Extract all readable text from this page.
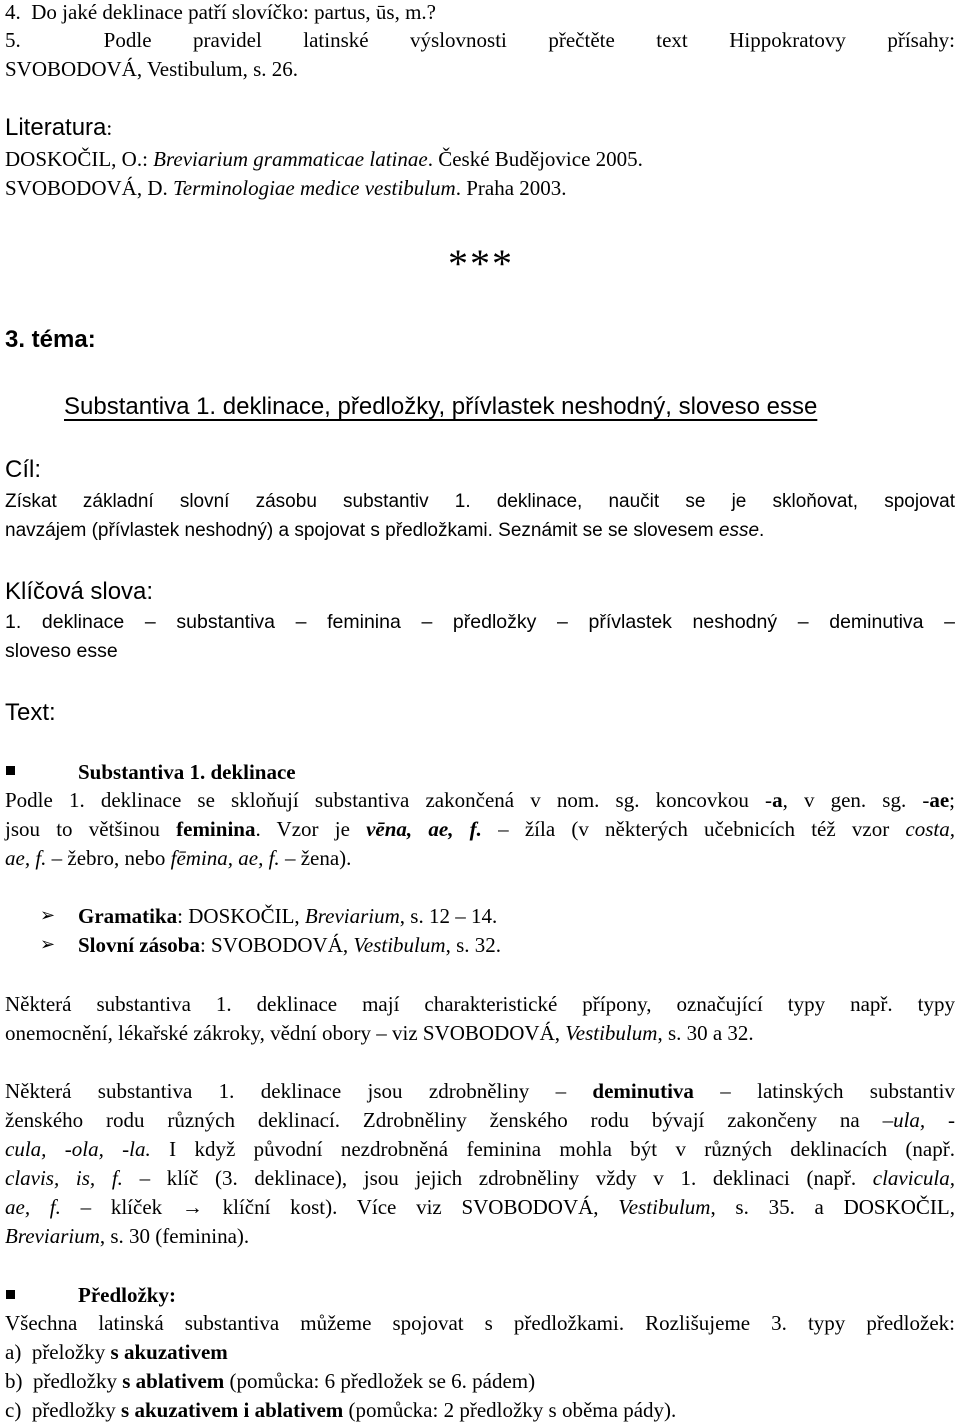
4.  Do jaké deklinace patří slovíčko: partus, ūs, m.?
5.  Podle pravidel latinské výslovnosti přečtěte text Hippokratovy přísahy:
SVOBODOVÁ, Vestibulum, s. 26.
Literatura:
DOSKOČIL, O.: Breviarium grammaticae latinae. České Budějovice 2005.
SVOBODOVÁ, D. Terminologiae medice vestibulum. Praha 2003.
***
3. téma:
Substantiva 1. deklinace, předložky, přívlastek neshodný, sloveso esse
Cíl:
Získat základní slovní zásobu substantiv 1. deklinace, naučit se je skloňovat, spojovat
navzájem (přívlastek neshodný) a spojovat s předložkami. Seznámit se se slovesem esse.
Klíčová slova:
1. deklinace – substantiva – feminina – předložky – přívlastek neshodný – deminutiva –
sloveso esse
Text:
Substantiva 1. deklinace
Podle 1. deklinace se skloňují substantiva zakončená v nom. sg. koncovkou -a, v gen. sg. -ae;
jsou to většinou feminina. Vzor je vēna, ae, f. – žíla (v některých učebnicích též vzor costa,
ae, f. – žebro, nebo fēmina, ae, f. – žena).
➢ Gramatika: DOSKOČIL, Breviarium, s. 12 – 14.
➢ Slovní zásoba: SVOBODOVÁ, Vestibulum, s. 32.
Některá substantiva 1. deklinace mají charakteristické přípony, označující typy např. typy
onemocnění, lékařské zákroky, vědní obory – viz SVOBODOVÁ, Vestibulum, s. 30 a 32.
Některá substantiva 1. deklinace jsou zdrobněliny – deminutiva – latinských substantiv
ženského rodu různých deklinací. Zdrobněliny ženského rodu bývají zakončeny na –ula, -
cula, -ola, -la. I když původní nezdrobněná feminina mohla být v různých deklinacích (např.
clavis, is, f. – klíč (3. deklinace), jsou jejich zdrobněliny vždy v 1. deklinaci (např. clavicula,
ae, f. – klíček → klíční kost). Více viz SVOBODOVÁ, Vestibulum, s. 35. a DOSKOČIL,
Breviarium, s. 30 (feminina).
Předložky:
Všechna latinská substantiva můžeme spojovat s předložkami. Rozlišujeme 3. typy předložek:
a)  přeložky s akuzativem
b)  předložky s ablativem (pomůcka: 6 předložek se 6. pádem)
c)  předložky s akuzativem i ablativem (pomůcka: 2 předložky s oběma pády).
